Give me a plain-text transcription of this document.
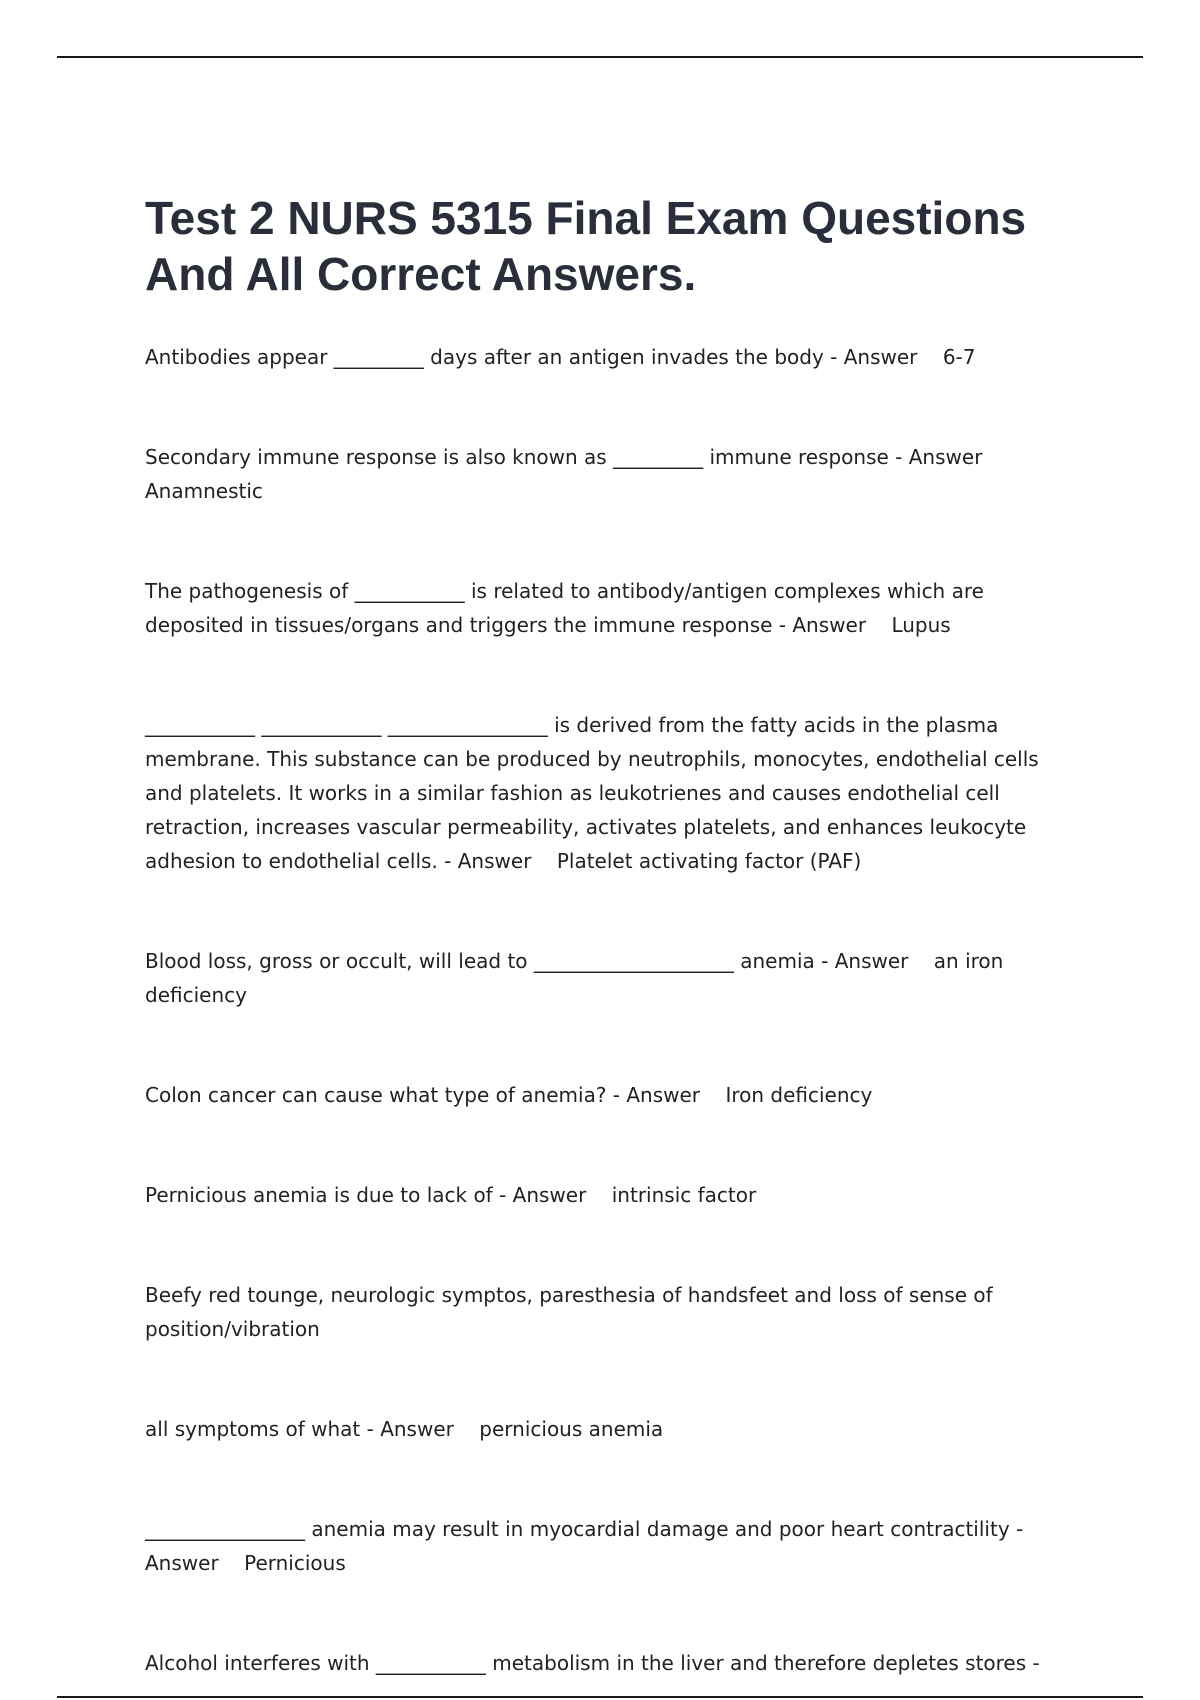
Test 2 NURS 5315 Final Exam Questions And All Correct Answers.

Antibodies appear _________ days after an antigen invades the body - Answer    6-7

Secondary immune response is also known as _________ immune response - Answer Anamnestic

The pathogenesis of ___________ is related to antibody/antigen complexes which are deposited in tissues/organs and triggers the immune response - Answer    Lupus

___________ ____________ ________________ is derived from the fatty acids in the plasma membrane. This substance can be produced by neutrophils, monocytes, endothelial cells and platelets. It works in a similar fashion as leukotrienes and causes endothelial cell retraction, increases vascular permeability, activates platelets, and enhances leukocyte adhesion to endothelial cells. - Answer    Platelet activating factor (PAF)

Blood loss, gross or occult, will lead to ____________________ anemia - Answer    an iron deficiency

Colon cancer can cause what type of anemia? - Answer    Iron deficiency

Pernicious anemia is due to lack of - Answer    intrinsic factor

Beefy red tounge, neurologic symptos, paresthesia of handsfeet and loss of sense of position/vibration

all symptoms of what - Answer    pernicious anemia

________________ anemia may result in myocardial damage and poor heart contractility - Answer    Pernicious

Alcohol interferes with ___________ metabolism in the liver and therefore depletes stores -
